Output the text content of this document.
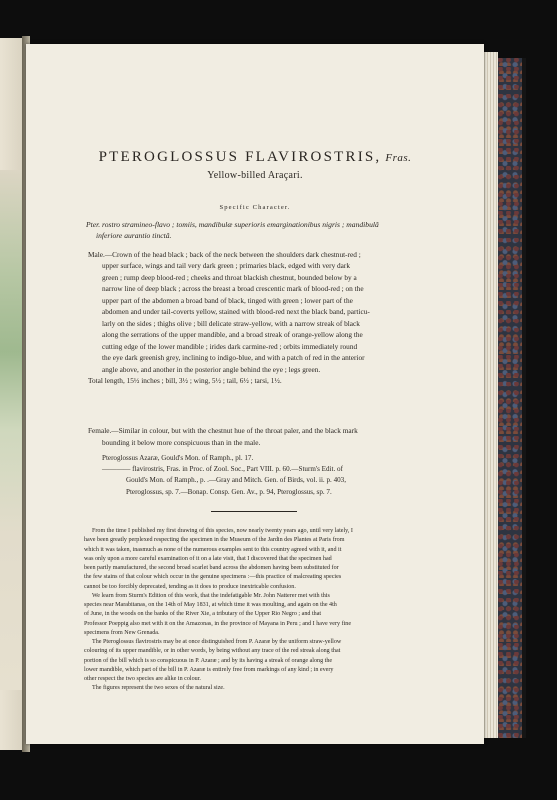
PTEROGLOSSUS FLAVIROSTRIS, Fras.
Yellow-billed Araçari.
Specific Character.
Pter. rostro stramineo-flavo ; tomiis, mandibulæ superioris emarginationibus nigris ; mandibulâ
inferiore aurantio tinctâ.
Male.—Crown of the head black ; back of the neck between the shoulders dark chestnut-red ;
upper surface, wings and tail very dark green ; primaries black, edged with very dark
green ; rump deep blood-red ; cheeks and throat blackish chestnut, bounded below by a
narrow line of deep black ; across the breast a broad crescentic mark of blood-red ; on the
upper part of the abdomen a broad band of black, tinged with green ; lower part of the
abdomen and under tail-coverts yellow, stained with blood-red next the black band, particu-
larly on the sides ; thighs olive ; bill delicate straw-yellow, with a narrow streak of black
along the serrations of the upper mandible, and a broad streak of orange-yellow along the
cutting edge of the lower mandible ; irides dark carmine-red ; orbits immediately round
the eye dark greenish grey, inclining to indigo-blue, and with a patch of red in the anterior
angle above, and another in the posterior angle behind the eye ; legs green.
Total length, 15½ inches ; bill, 3½ ; wing, 5½ ; tail, 6½ ; tarsi, 1½.
Female.—Similar in colour, but with the chestnut hue of the throat paler, and the black mark
bounding it below more conspicuous than in the male.
Pteroglossus Azaræ, Gould's Mon. of Ramph., pl. 17.
———— flavirostris, Fras. in Proc. of Zool. Soc., Part VIII. p. 60.—Sturm's Edit. of
Gould's Mon. of Ramph., p. .—Gray and Mitch. Gen. of Birds, vol. ii. p. 403,
Pteroglossus, sp. 7.—Bonap. Consp. Gen. Av., p. 94, Pteroglossus, sp. 7.
From the time I published my first drawing of this species, now nearly twenty years ago, until very lately, I
have been greatly perplexed respecting the specimen in the Museum of the Jardin des Plantes at Paris from
which it was taken, inasmuch as none of the numerous examples sent to this country agreed with it, and it
was only upon a more careful examination of it on a late visit, that I discovered that the specimen had
been partly manufactured, the second broad scarlet band across the abdomen having been substituted for
the few stains of that colour which occur in the genuine specimens :—this practice of malcreating species
cannot be too forcibly deprecated, tending as it does to produce inextricable confusion.
We learn from Sturm's Edition of this work, that the indefatigable Mr. John Natterer met with this
species near Marabitanas, on the 14th of May 1831, at which time it was moulting, and again on the 4th
of June, in the woods on the banks of the River Xie, a tributary of the Upper Rio Negro ; and that
Professor Poeppig also met with it on the Amazonas, in the province of Mayana in Peru ; and I have very fine
specimens from New Grenada.
The Pteroglossus flavirostris may be at once distinguished from P. Azaræ by the uniform straw-yellow
colouring of its upper mandible, or in other words, by being without any trace of the red streak along that
portion of the bill which is so conspicuous in P. Azaræ ; and by its having a streak of orange along the
lower mandible, which part of the bill in P. Azaræ is entirely free from markings of any kind ; in every
other respect the two species are alike in colour.
The figures represent the two sexes of the natural size.
